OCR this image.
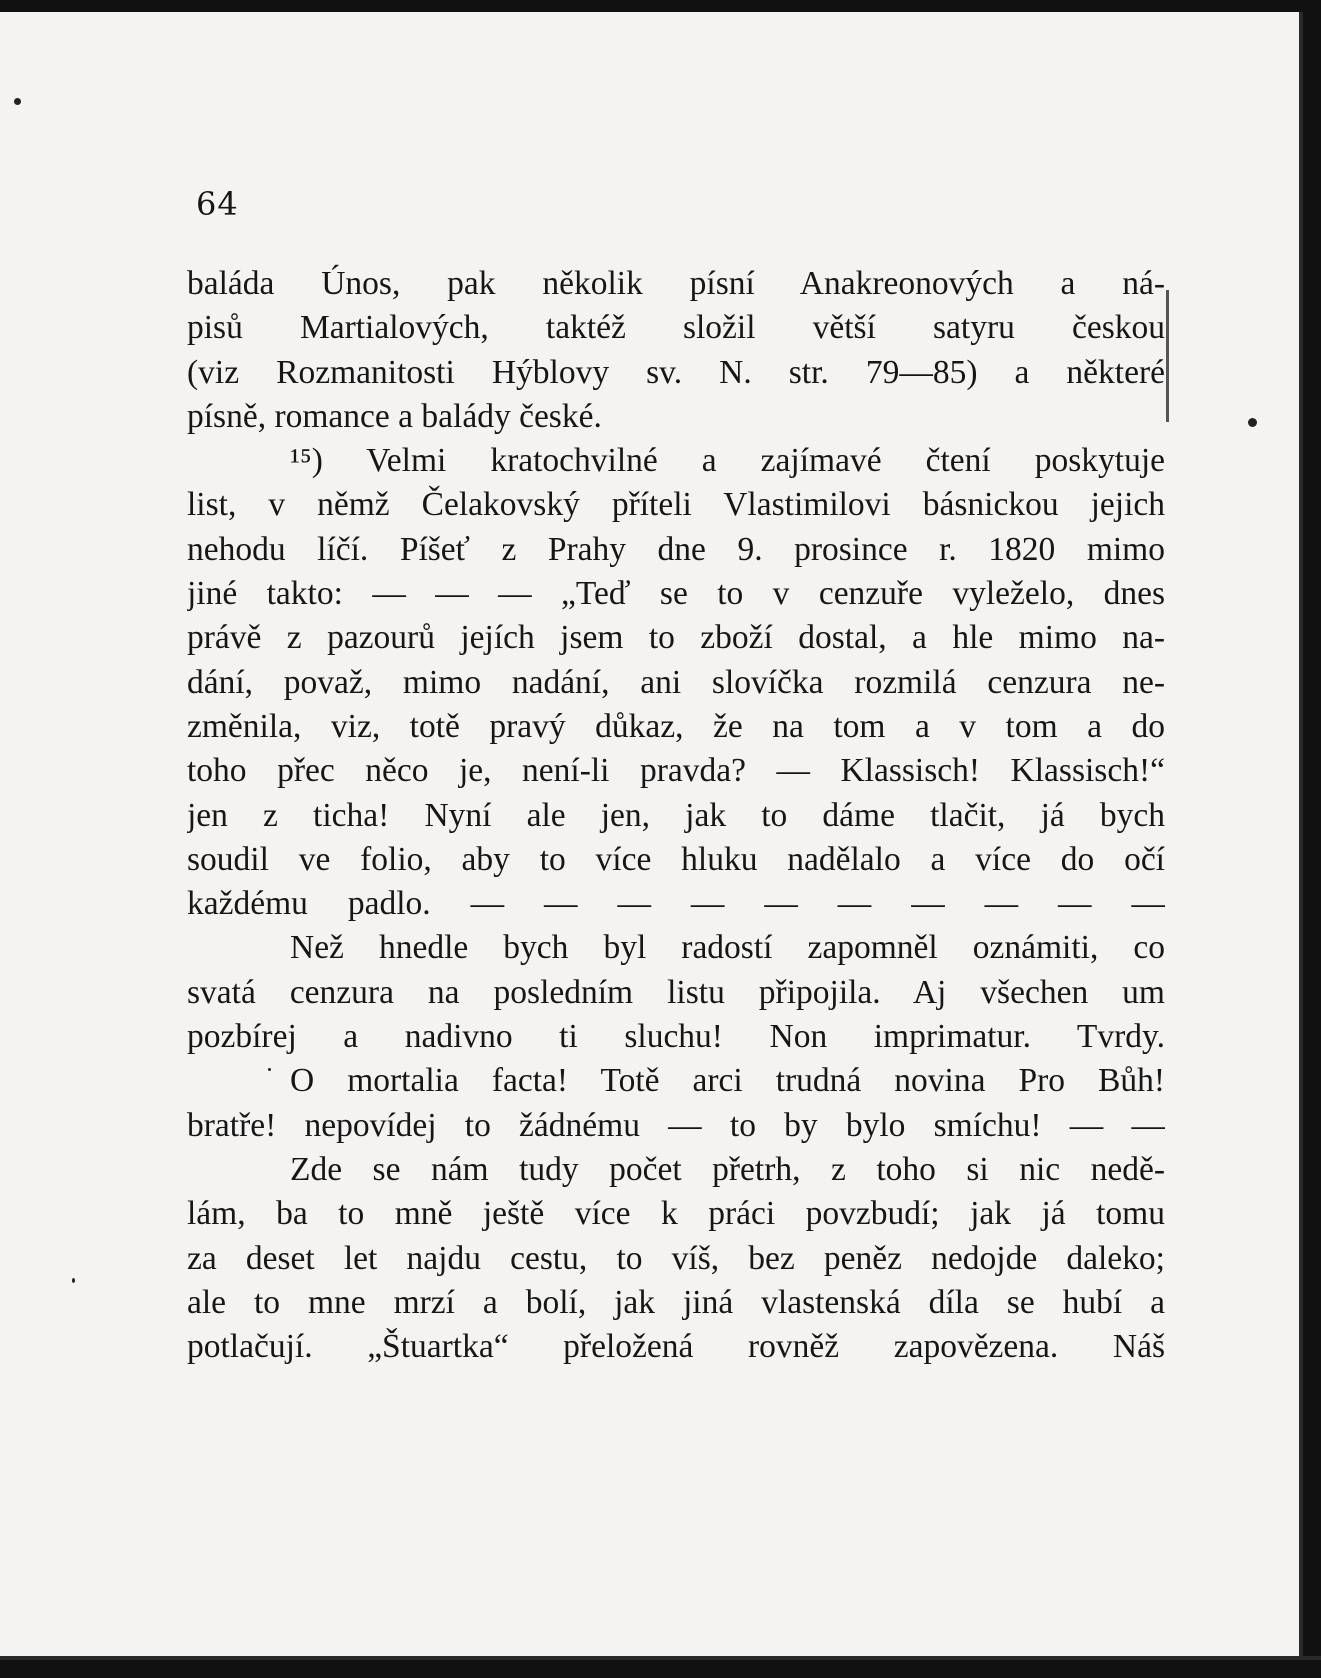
64
baláda Únos, pak několik písní Anakreonových a ná-
pisů Martialových, taktéž složil větší satyru českou
(viz Rozmanitosti Hýblovy sv. N. str. 79—85) a některé
písně, romance a balády české.
¹⁵) Velmi kratochvilné a zajímavé čtení poskytuje
list, v němž Čelakovský příteli Vlastimilovi básnickou jejich
nehodu líčí. Píšeť z Prahy dne 9. prosince r. 1820 mimo
jiné takto: — — — „Teď se to v cenzuře vyleželo, dnes
právě z pazourů jejích jsem to zboží dostal, a hle mimo na-
dání, považ, mimo nadání, ani slovíčka rozmilá cenzura ne-
změnila, viz, totě pravý důkaz, že na tom a v tom a do
toho přec něco je, není-li pravda? — Klassisch! Klassisch!“
jen z ticha! Nyní ale jen, jak to dáme tlačit, já bych
soudil ve folio, aby to více hluku nadělalo a více do očí
každému padlo. — — — — — — — — — —
Než hnedle bych byl radostí zapomněl oznámiti, co
svatá cenzura na posledním listu připojila. Aj všechen um
pozbírej a nadivno ti sluchu! Non imprimatur. Tvrdy.
O mortalia facta! Totě arci trudná novina Pro Bůh!
bratře! nepovídej to žádnému — to by bylo smíchu! — —
Zde se nám tudy počet přetrh, z toho si nic nedě-
lám, ba to mně ještě více k práci povzbudí; jak já tomu
za deset let najdu cestu, to víš, bez peněz nedojde daleko;
ale to mne mrzí a bolí, jak jiná vlastenská díla se hubí a
potlačují. „Štuartka“ přeložená rovněž zapovězena. Náš
